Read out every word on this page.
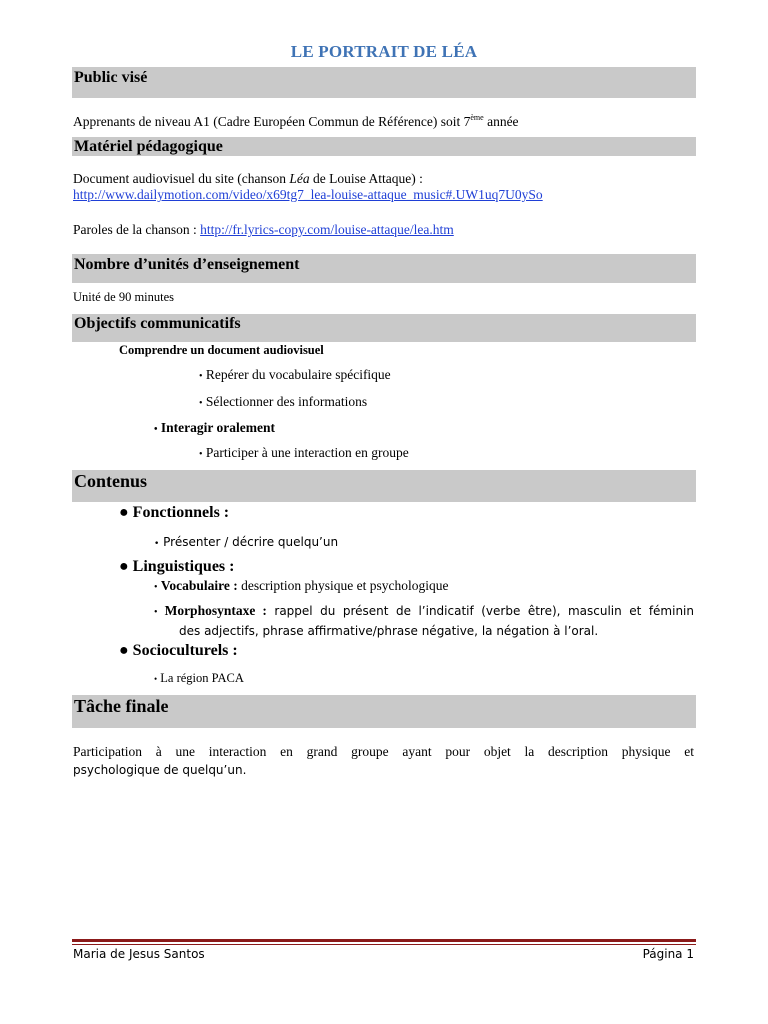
LE PORTRAIT DE LÉA
Public visé
Apprenants de niveau A1 (Cadre Européen Commun de Référence) soit 7ème année
Matériel pédagogique
Document audiovisuel du site (chanson Léa de Louise Attaque) :
http://www.dailymotion.com/video/x69tg7_lea-louise-attaque_music#.UW1uq7U0ySo
Paroles de la chanson : http://fr.lyrics-copy.com/louise-attaque/lea.htm
Nombre d’unités d’enseignement
Unité de 90 minutes
Objectifs communicatifs
Comprendre un document audiovisuel
• Repérer du vocabulaire spécifique
• Sélectionner des informations
• Interagir oralement
• Participer à une interaction en groupe
Contenus
● Fonctionnels :
• Présenter / décrire quelqu’un
● Linguistiques :
• Vocabulaire : description physique et psychologique
• Morphosyntaxe : rappel du présent de l’indicatif (verbe être), masculin et féminin
des adjectifs, phrase affirmative/phrase négative, la négation à l’oral.
● Socioculturels :
• La région PACA
Tâche finale
Participation à une interaction en grand groupe ayant pour objet la description physique et
psychologique de quelqu’un.
Maria de Jesus Santos	Página 1
